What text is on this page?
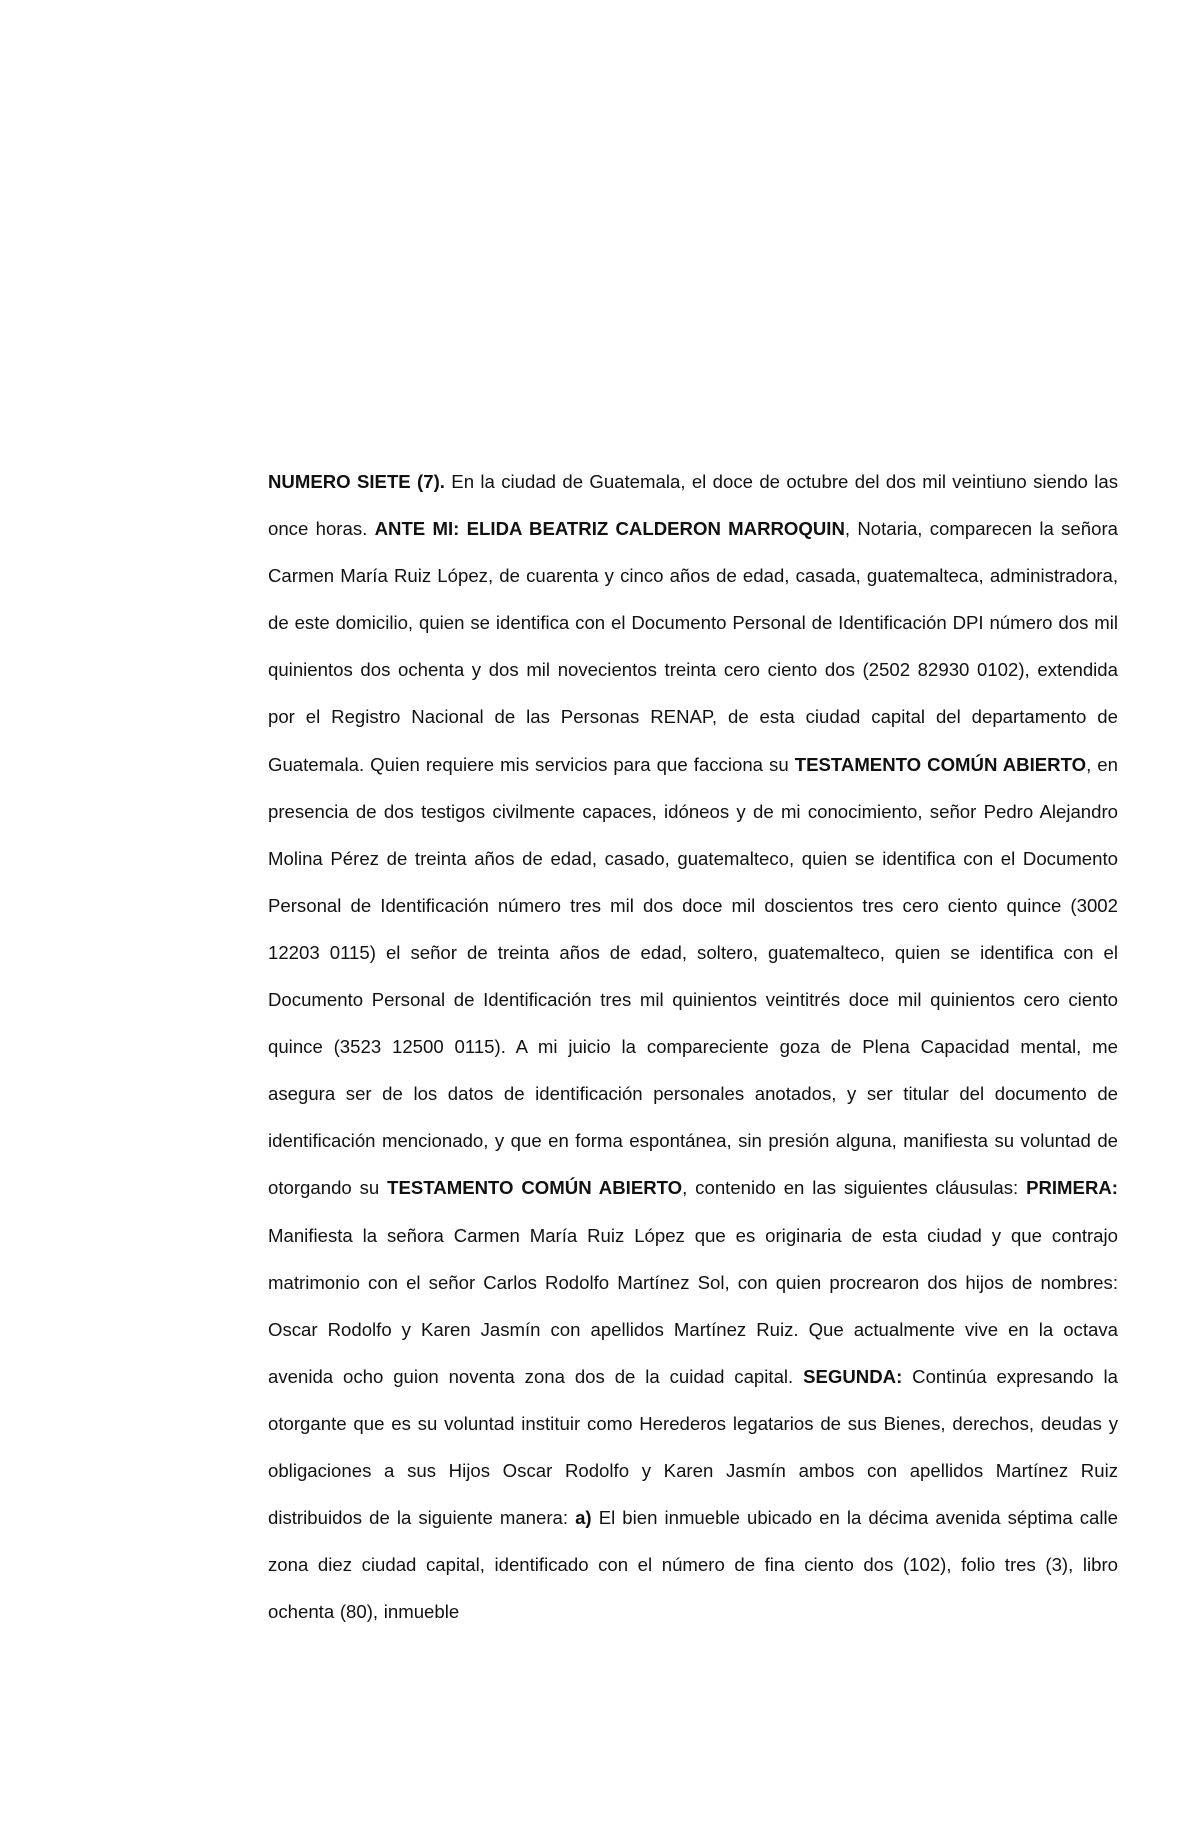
NUMERO SIETE (7). En la ciudad de Guatemala, el doce de octubre del dos mil veintiuno siendo las once horas. ANTE MI: ELIDA BEATRIZ CALDERON MARROQUIN, Notaria, comparecen la señora Carmen María Ruiz López, de cuarenta y cinco años de edad, casada, guatemalteca, administradora, de este domicilio, quien se identifica con el Documento Personal de Identificación DPI número dos mil quinientos dos ochenta y dos mil novecientos treinta cero ciento dos (2502 82930 0102), extendida por el Registro Nacional de las Personas RENAP, de esta ciudad capital del departamento de Guatemala. Quien requiere mis servicios para que facciona su TESTAMENTO COMÚN ABIERTO, en presencia de dos testigos civilmente capaces, idóneos y de mi conocimiento, señor Pedro Alejandro Molina Pérez de treinta años de edad, casado, guatemalteco, quien se identifica con el Documento Personal de Identificación número tres mil dos doce mil doscientos tres cero ciento quince (3002 12203 0115) el señor de treinta años de edad, soltero, guatemalteco, quien se identifica con el Documento Personal de Identificación tres mil quinientos veintitrés doce mil quinientos cero ciento quince (3523 12500 0115). A mi juicio la compareciente goza de Plena Capacidad mental, me asegura ser de los datos de identificación personales anotados, y ser titular del documento de identificación mencionado, y que en forma espontánea, sin presión alguna, manifiesta su voluntad de otorgando su TESTAMENTO COMÚN ABIERTO, contenido en las siguientes cláusulas: PRIMERA: Manifiesta la señora Carmen María Ruiz López que es originaria de esta ciudad y que contrajo matrimonio con el señor Carlos Rodolfo Martínez Sol, con quien procrearon dos hijos de nombres: Oscar Rodolfo y Karen Jasmín con apellidos Martínez Ruiz. Que actualmente vive en la octava avenida ocho guion noventa zona dos de la cuidad capital. SEGUNDA: Continúa expresando la otorgante que es su voluntad instituir como Herederos legatarios de sus Bienes, derechos, deudas y obligaciones a sus Hijos Oscar Rodolfo y Karen Jasmín ambos con apellidos Martínez Ruiz distribuidos de la siguiente manera: a) El bien inmueble ubicado en la décima avenida séptima calle zona diez ciudad capital, identificado con el número de fina ciento dos (102), folio tres (3), libro ochenta (80), inmueble
